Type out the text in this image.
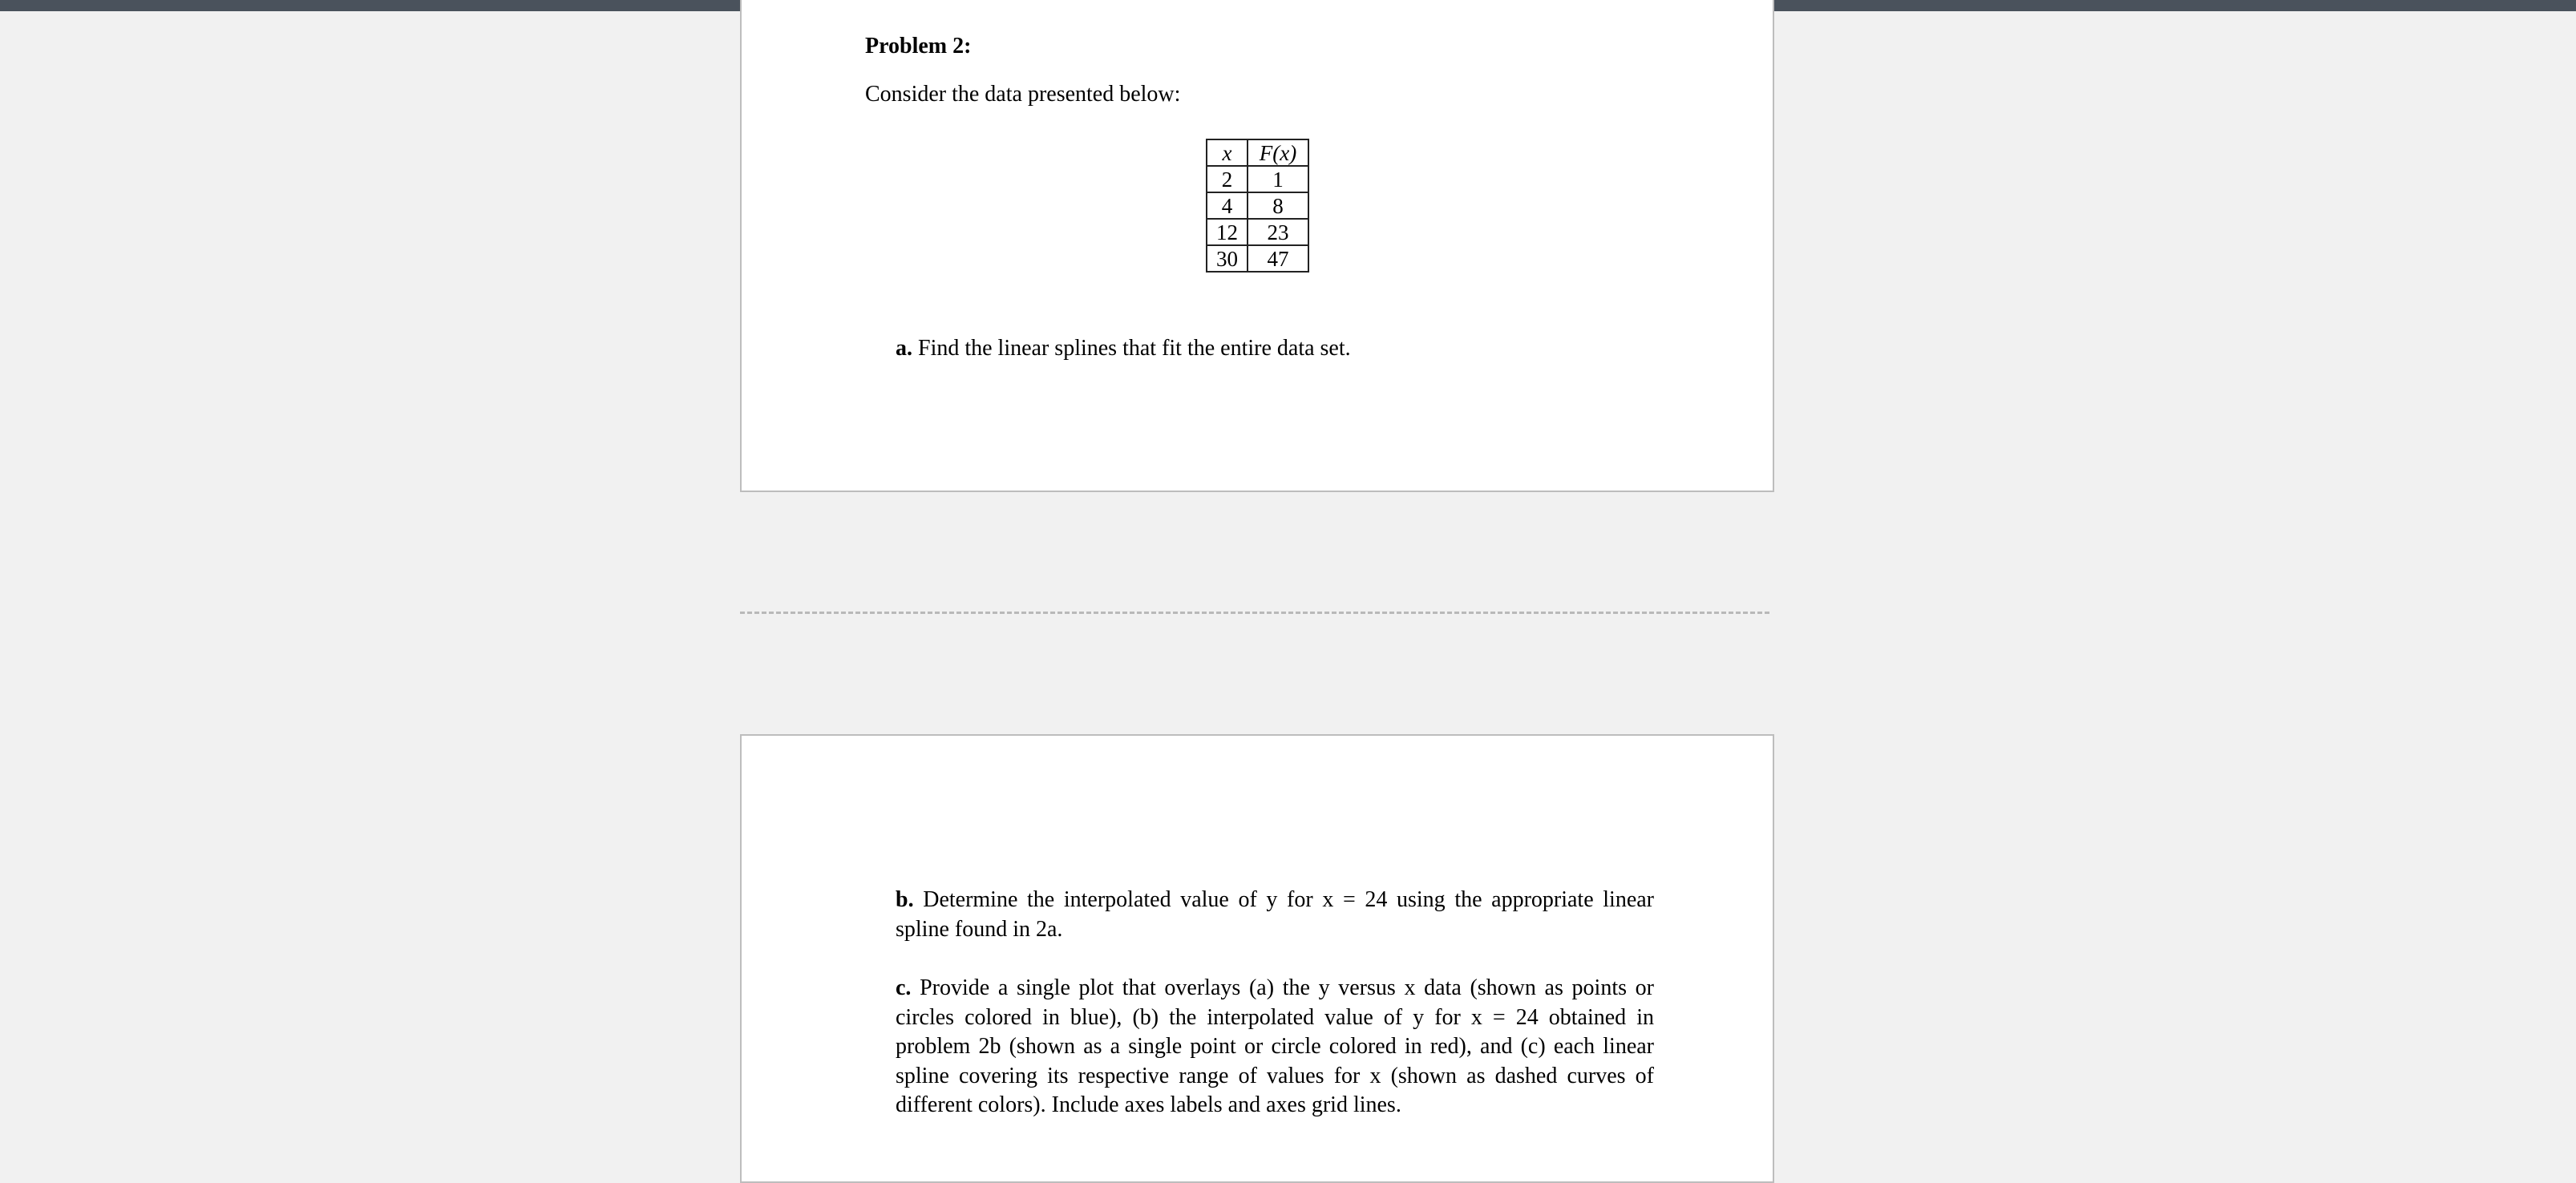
Problem 2:
Consider the data presented below:
x	F(x)
2	1
4	8
12	23
30	47
a. Find the linear splines that fit the entire data set.
b. Determine the interpolated value of y for x = 24 using the appropriate linear spline found in 2a.
c. Provide a single plot that overlays (a) the y versus x data (shown as points or circles colored in blue), (b) the interpolated value of y for x = 24 obtained in problem 2b (shown as a single point or circle colored in red), and (c) each linear spline covering its respective range of values for x (shown as dashed curves of different colors). Include axes labels and axes grid lines.
